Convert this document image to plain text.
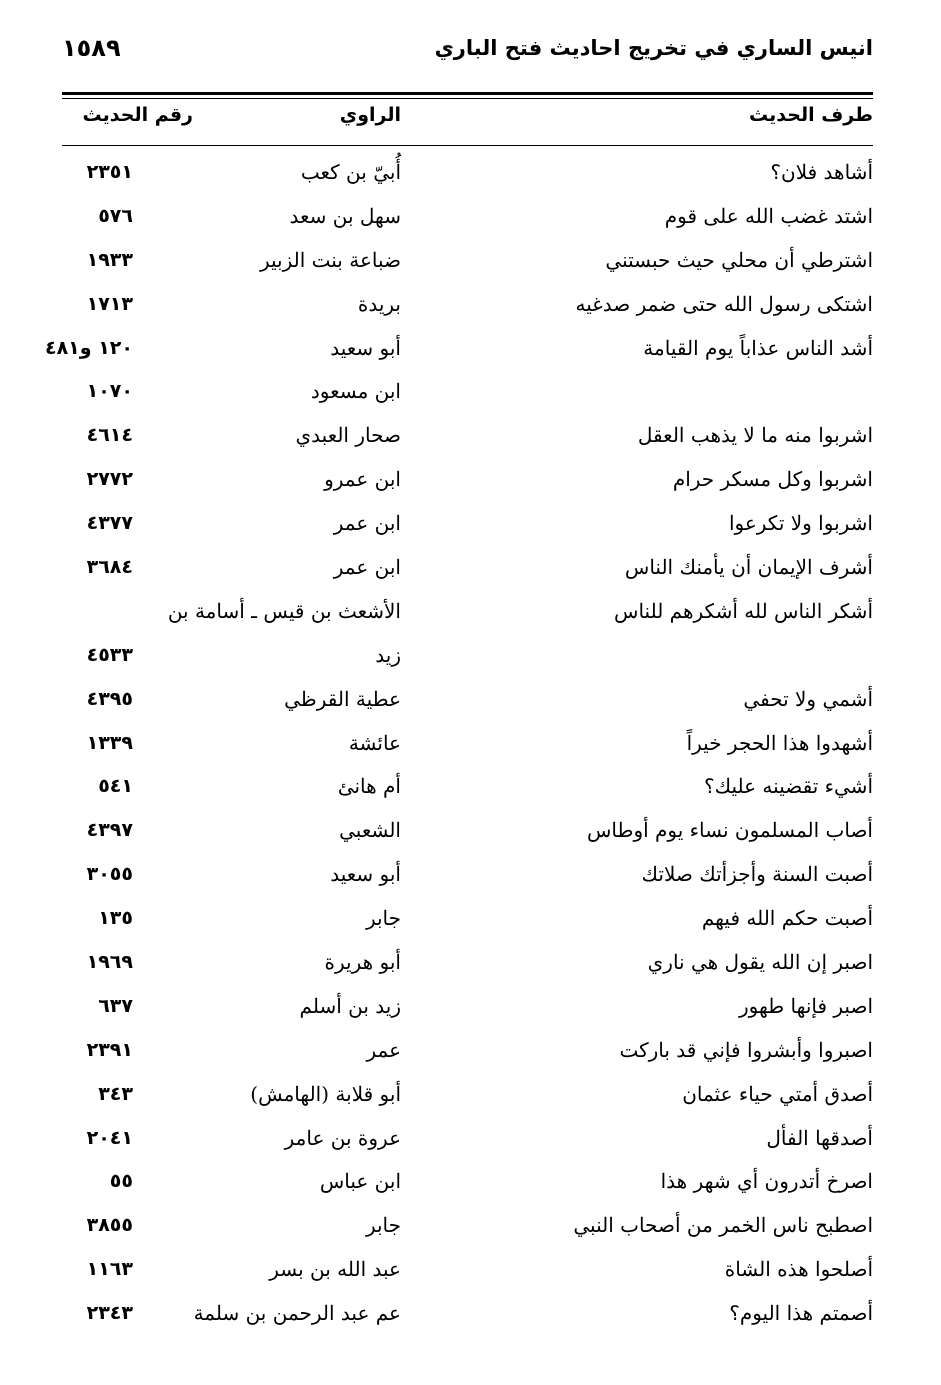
انيس الساري في تخريج احاديث فتح الباري
١٥٨٩
طرف الحديث
الراوي
رقم الحديث
أشاهد فلان؟
أُبيّ بن كعب
٢٣٥١
اشتد غضب الله على قوم
سهل بن سعد
٥٧٦
اشترطي أن محلي حيث حبستني
ضباعة بنت الزبير
١٩٣٣
اشتكى رسول الله حتى ضمر صدغيه
بريدة
١٧١٣
أشد الناس عذاباً يوم القيامة
أبو سعيد
١٢٠ و٤٨١
ابن مسعود
١٠٧٠
اشربوا منه ما لا يذهب العقل
صحار العبدي
٤٦١٤
اشربوا وكل مسكر حرام
ابن عمرو
٢٧٧٢
اشربوا ولا تكرعوا
ابن عمر
٤٣٧٧
أشرف الإيمان أن يأمنك الناس
ابن عمر
٣٦٨٤
أشكر الناس لله أشكرهم للناس
الأشعث بن قيس ـ أسامة بن
زيد
٤٥٣٣
أشمي ولا تحفي
عطية القرظي
٤٣٩٥
أشهدوا هذا الحجر خيراً
عائشة
١٣٣٩
أشيء تقضينه عليك؟
أم هانئ
٥٤١
أصاب المسلمون نساء يوم أوطاس
الشعبي
٤٣٩٧
أصبت السنة وأجزأتك صلاتك
أبو سعيد
٣٠٥٥
أصبت حكم الله فيهم
جابر
١٣٥
اصبر إن الله يقول هي ناري
أبو هريرة
١٩٦٩
اصبر فإنها طهور
زيد بن أسلم
٦٣٧
اصبروا وأبشروا فإني قد باركت
عمر
٢٣٩١
أصدق أمتي حياء عثمان
أبو قلابة (الهامش)
٣٤٣
أصدقها الفأل
عروة بن عامر
٢٠٤١
اصرخ أتدرون أي شهر هذا
ابن عباس
٥٥
اصطبح ناس الخمر من أصحاب النبي
جابر
٣٨٥٥
أصلحوا هذه الشاة
عبد الله بن بسر
١١٦٣
أصمتم هذا اليوم؟
عم عبد الرحمن بن سلمة
٢٣٤٣
